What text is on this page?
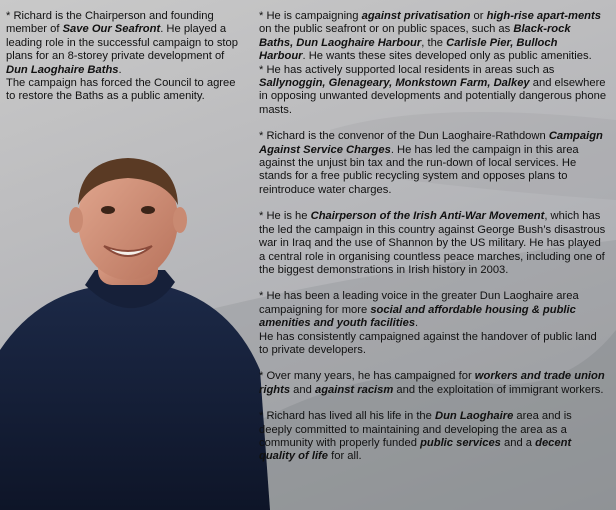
* Richard is the Chairperson and founding member of Save Our Seafront. He played a leading role in the successful campaign to stop plans for an 8-storey private development of Dun Laoghaire Baths.

The campaign has forced the Council to agree to restore the Baths as a public amenity.

* He is campaigning against privatisation or high-rise apart-ments on the public seafront or on public spaces, such as Black-rock Baths, Dun Laoghaire Harbour, the Carlisle Pier, Bulloch Harbour. He wants these sites developed only as public amenities.

* He has actively supported local residents in areas such as Sallynoggin, Glenageary, Monkstown Farm, Dalkey and elsewhere in opposing unwanted developments and potentially dangerous phone masts.

* Richard is the convenor of the Dun Laoghaire-Rathdown Campaign Against Service Charges. He has led the campaign in this area against the unjust bin tax and the run-down of local services. He stands for a free public recycling system and opposes plans to reintroduce water charges.

* He is he Chairperson of the Irish Anti-War Movement, which has the led the campaign in this country against George Bush’s disastrous war in Iraq and the use of Shannon by the US military. He has played a central role in organising countless peace marches, including one of the biggest demonstrations in Irish history in 2003.

* He has been a leading voice in the greater Dun Laoghaire area campaigning for more social and affordable housing & public amenities and youth facilities.

He has consistently campaigned against the handover of public land to private developers.

* Over many years, he has campaigned for workers and trade union rights and against racism and the exploitation of immigrant workers.

* Richard has lived all his life in the Dun Laoghaire area and is deeply committed to maintaining and developing the area as a community with properly funded public services and a decent quality of life for all.
